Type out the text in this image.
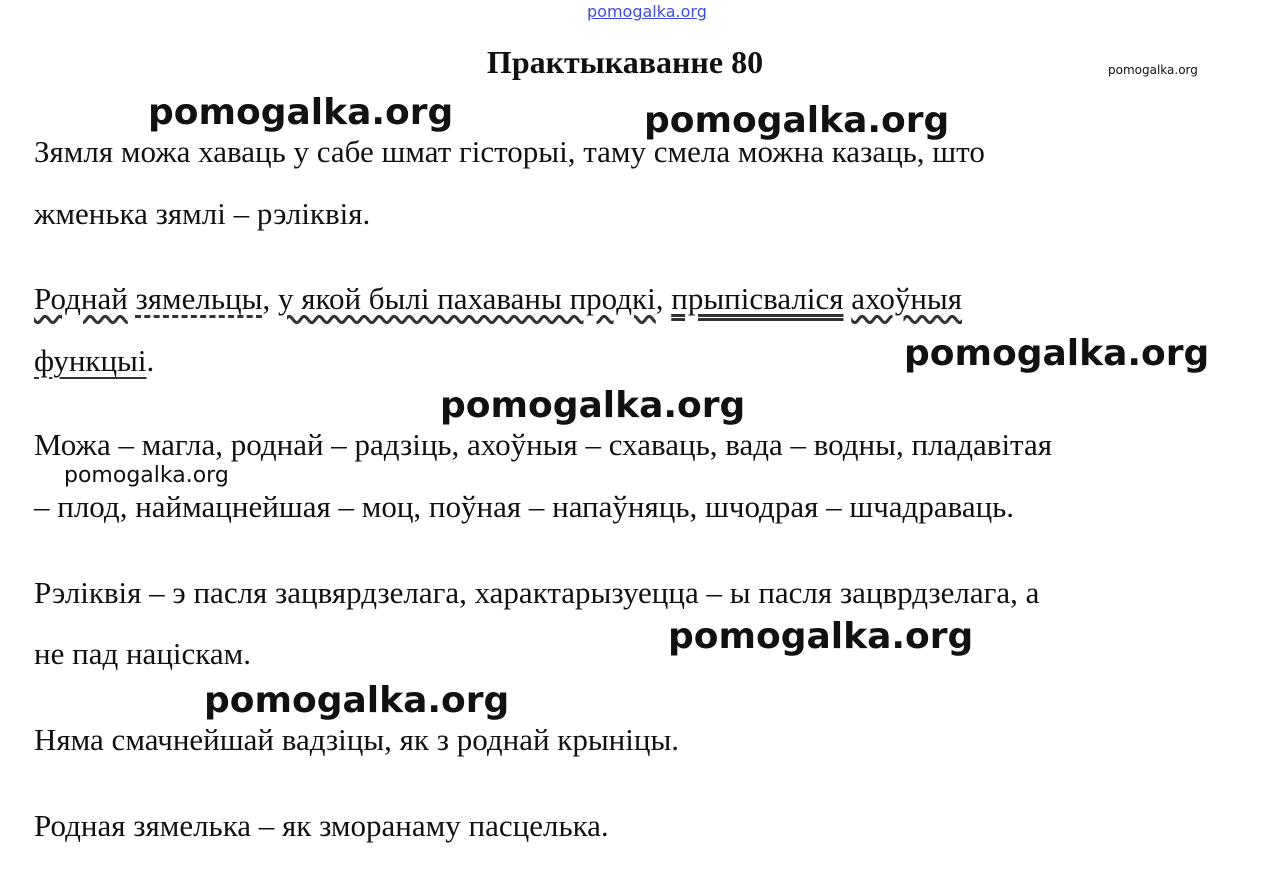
pomogalka.org
Практыкаванне 80	pomogalka.org
Зямля можа хаваць у сабе шмат гісторыі, таму смела можна казаць, што
жменька зямлі – рэліквія.
Роднай зямельцы, у якой былі пахаваны продкі, прыпісваліся ахоўныя
функцыі.
Можа – магла, роднай – радзіць, ахоўныя – схаваць, вада – водны, пладавітая
– плод, наймацнейшая – моц, поўная – напаўняць, шчодрая – шчадраваць.
Рэліквія – э пасля зацвярдзелага, характарызуецца – ы пасля зацврдзелага, а
не пад націскам.
Няма смачнейшай вадзіцы, як з роднай крыніцы.
Родная зямелька – як зморанаму пасцелька.
pomogalka.org	pomogalka.org
pomogalka.org
pomogalka.org
pomogalka.org
pomogalka.org
pomogalka.org
